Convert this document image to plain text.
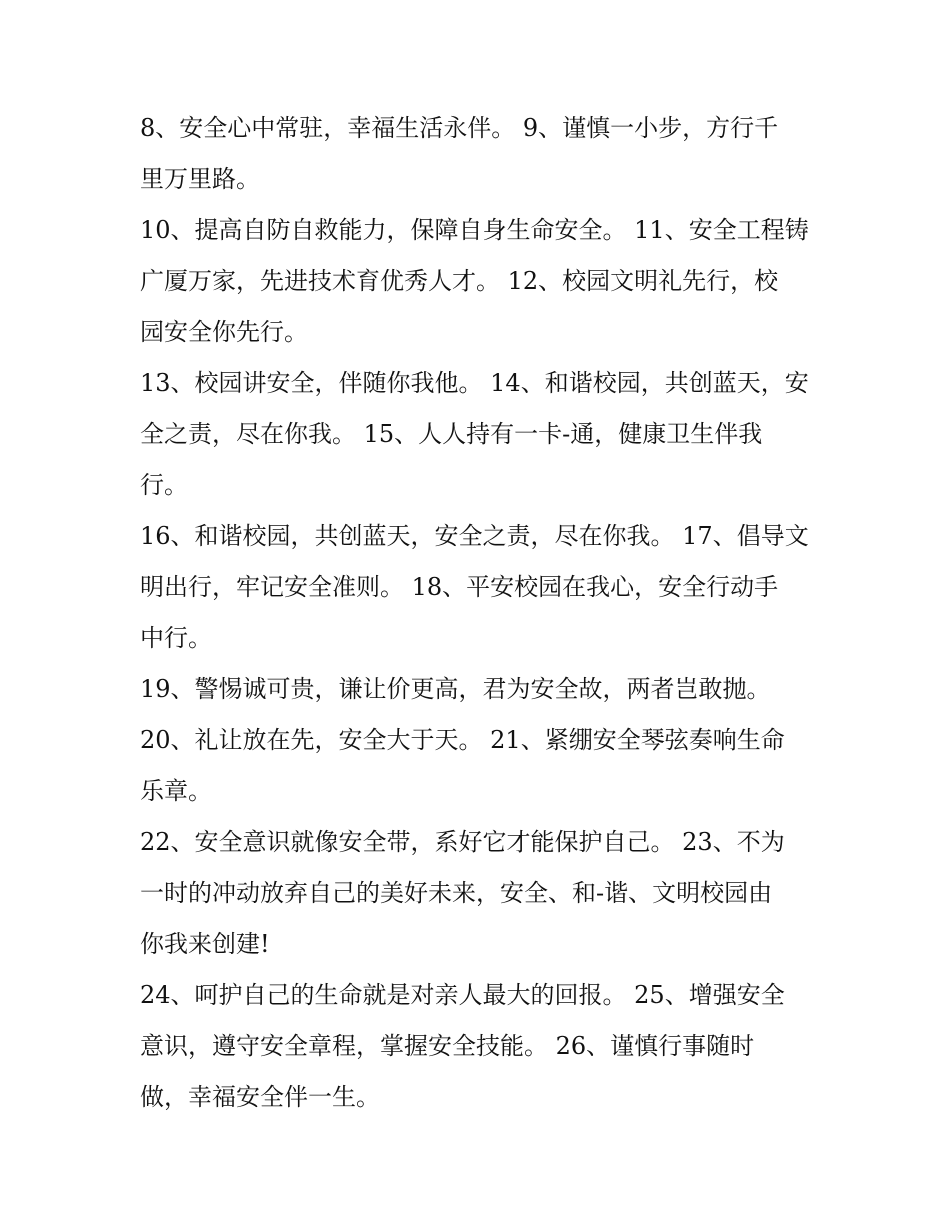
8、安全心中常驻，幸福生活永伴。 9、谨慎一小步，方行千
里万里路。
10、提高自防自救能力，保障自身生命安全。 11、安全工程铸
广厦万家，先进技术育优秀人才。 12、校园文明礼先行，校
园安全你先行。
13、校园讲安全，伴随你我他。 14、和谐校园，共创蓝天，安
全之责，尽在你我。 15、人人持有一卡-通，健康卫生伴我
行。
16、和谐校园，共创蓝天，安全之责，尽在你我。 17、倡导文
明出行，牢记安全准则。 18、平安校园在我心，安全行动手
中行。
19、警惕诚可贵，谦让价更高，君为安全故，两者岂敢抛。
20、礼让放在先，安全大于天。 21、紧绷安全琴弦奏响生命
乐章。
22、安全意识就像安全带，系好它才能保护自己。 23、不为
一时的冲动放弃自己的美好未来，安全、和-谐、文明校园由
你我来创建!
24、呵护自己的生命就是对亲人最大的回报。 25、增强安全
意识，遵守安全章程，掌握安全技能。 26、谨慎行事随时
做，幸福安全伴一生。
